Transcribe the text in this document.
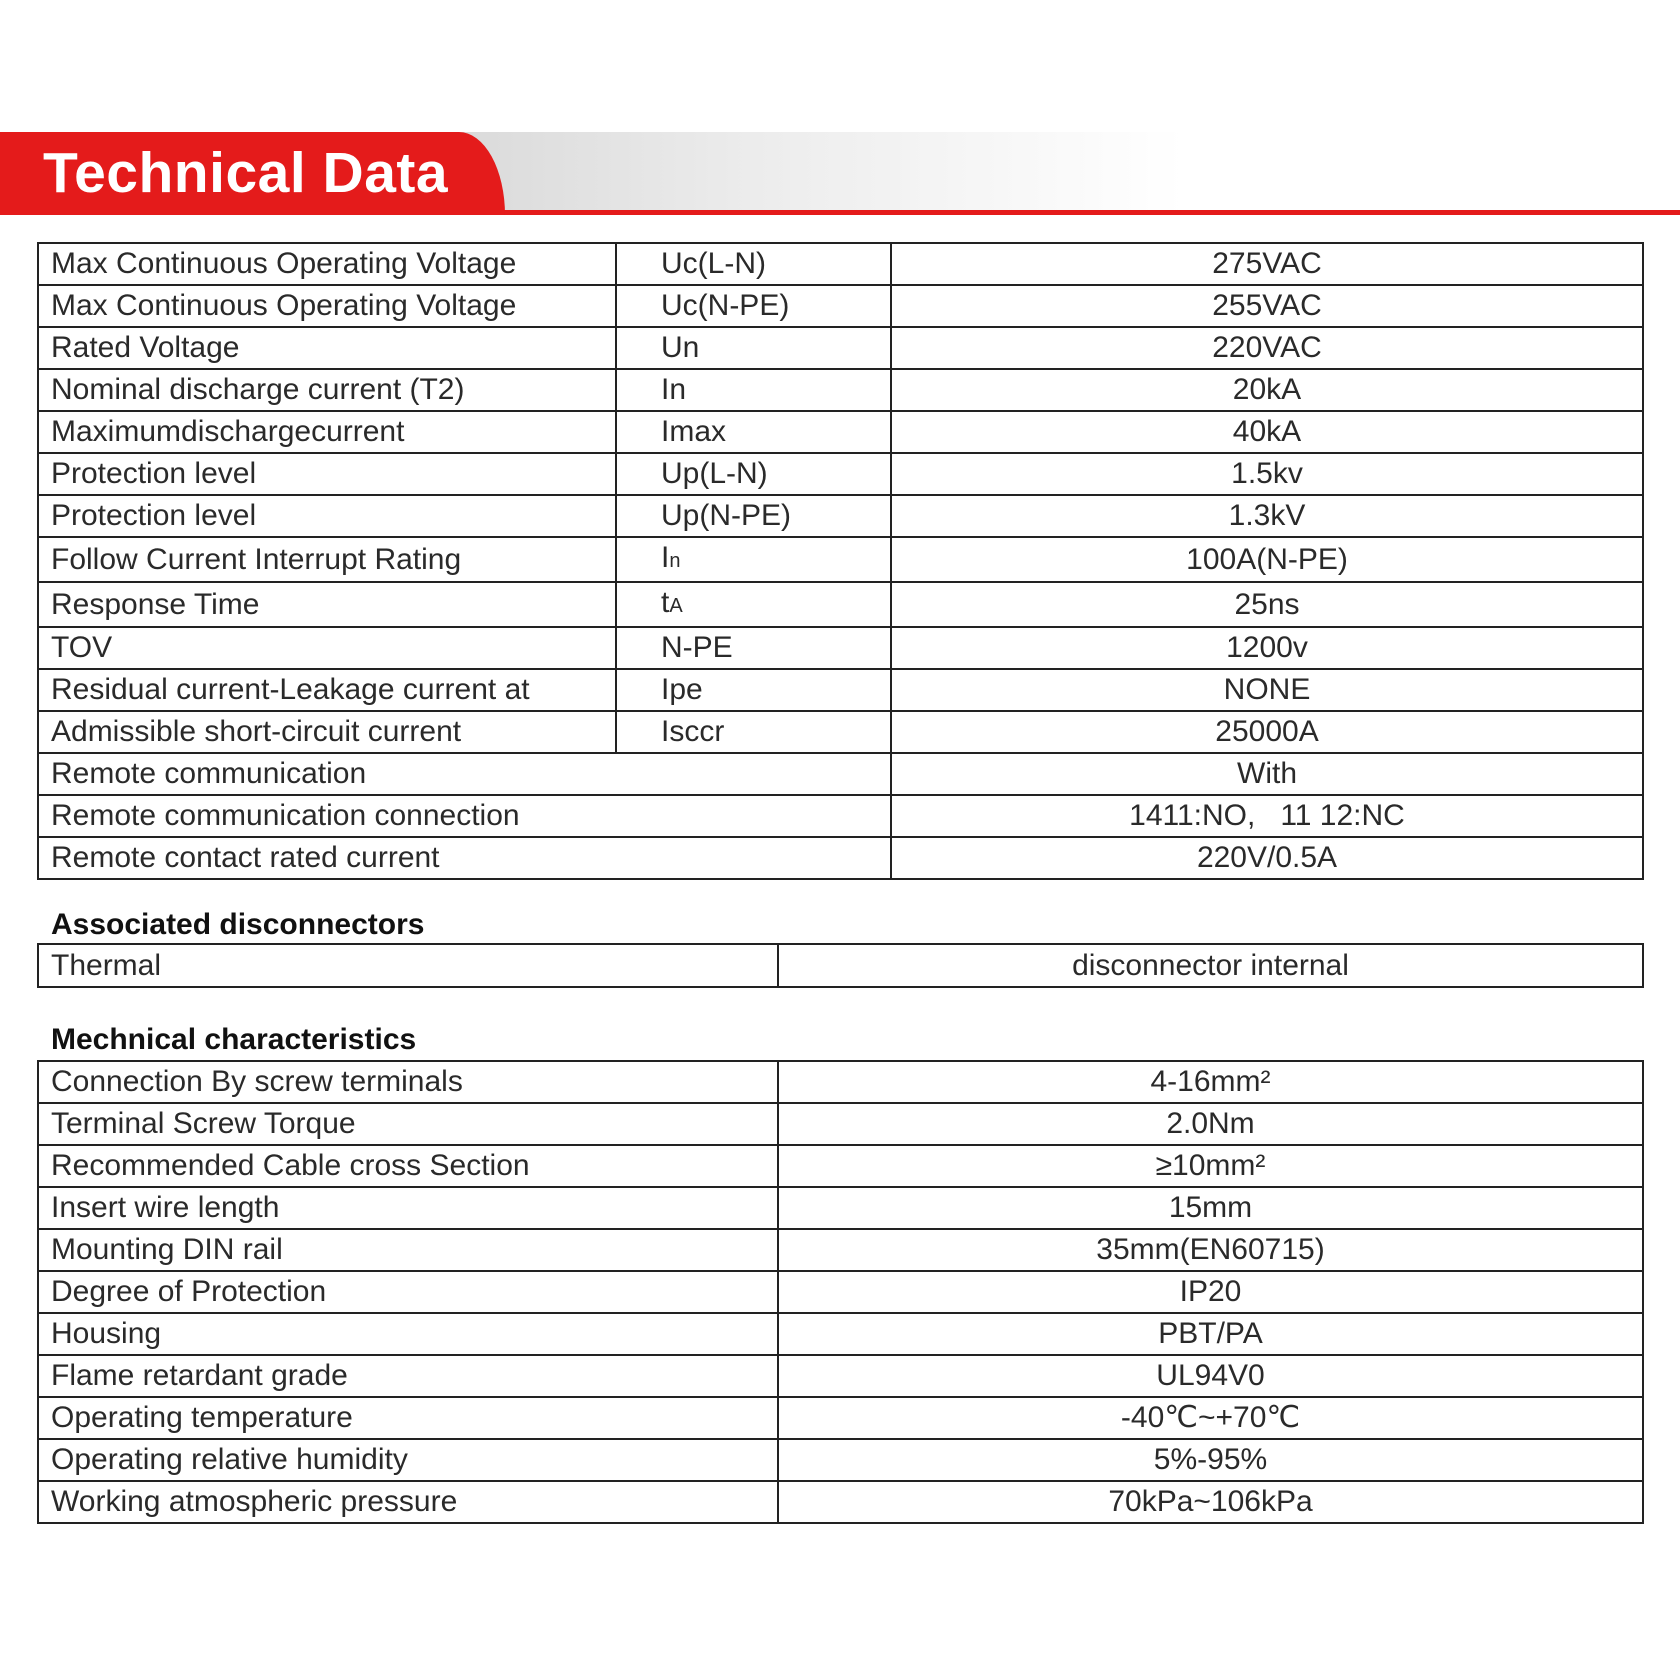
Technical Data
Max Continuous Operating Voltage	Uc(L-N)	275VAC
Max Continuous Operating Voltage	Uc(N-PE)	255VAC
Rated Voltage	Un	220VAC
Nominal discharge current (T2)	In	20kA
Maximumdischargecurrent	Imax	40kA
Protection level	Up(L-N)	1.5kv
Protection level	Up(N-PE)	1.3kV
Follow Current Interrupt Rating	In	100A(N-PE)
Response Time	tA	25ns
TOV	N-PE	1200v
Residual current-Leakage current at	Ipe	NONE
Admissible short-circuit current	Isccr	25000A
Remote communication		With
Remote communication connection		1411:NO,   11 12:NC
Remote contact rated current		220V/0.5A
Associated disconnectors
Thermal	disconnector internal
Mechnical characteristics
Connection By screw terminals	4-16mm²
Terminal Screw Torque	2.0Nm
Recommended Cable cross Section	≥10mm²
Insert wire length	15mm
Mounting DIN rail	35mm(EN60715)
Degree of Protection	IP20
Housing	PBT/PA
Flame retardant grade	UL94V0
Operating temperature	-40℃~+70℃
Operating relative humidity	5%-95%
Working atmospheric pressure	70kPa~106kPa
